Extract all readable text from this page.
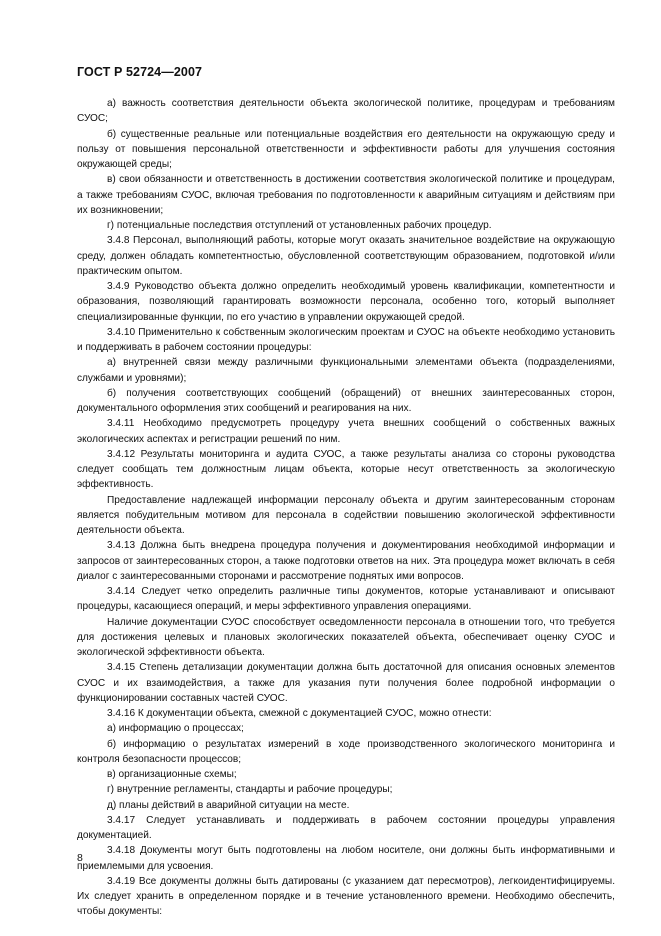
ГОСТ Р 52724—2007

а) важность соответствия деятельности объекта экологической политике, процедурам и требованиям СУОС;

б) существенные реальные или потенциальные воздействия его деятельности на окружающую среду и пользу от повышения персональной ответственности и эффективности работы для улучшения состояния окружающей среды;

в) свои обязанности и ответственность в достижении соответствия экологической политике и процедурам, а также требованиям СУОС, включая требования по подготовленности к аварийным ситуациям и действиям при их возникновении;

г) потенциальные последствия отступлений от установленных рабочих процедур.

3.4.8 Персонал, выполняющий работы, которые могут оказать значительное воздействие на окружающую среду, должен обладать компетентностью, обусловленной соответствующим образованием, подготовкой и/или практическим опытом.

3.4.9 Руководство объекта должно определить необходимый уровень квалификации, компетентности и образования, позволяющий гарантировать возможности персонала, особенно того, который выполняет специализированные функции, по его участию в управлении окружающей средой.

3.4.10 Применительно к собственным экологическим проектам и СУОС на объекте необходимо установить и поддерживать в рабочем состоянии процедуры:

а) внутренней связи между различными функциональными элементами объекта (подразделениями, службами и уровнями);

б) получения соответствующих сообщений (обращений) от внешних заинтересованных сторон, документального оформления этих сообщений и реагирования на них.

3.4.11 Необходимо предусмотреть процедуру учета внешних сообщений о собственных важных экологических аспектах и регистрации решений по ним.

3.4.12 Результаты мониторинга и аудита СУОС, а также результаты анализа со стороны руководства следует сообщать тем должностным лицам объекта, которые несут ответственность за экологическую эффективность.

Предоставление надлежащей информации персоналу объекта и другим заинтересованным сторонам является побудительным мотивом для персонала в содействии повышению экологической эффективности деятельности объекта.

3.4.13 Должна быть внедрена процедура получения и документирования необходимой информации и запросов от заинтересованных сторон, а также подготовки ответов на них. Эта процедура может включать в себя диалог с заинтересованными сторонами и рассмотрение поднятых ими вопросов.

3.4.14 Следует четко определить различные типы документов, которые устанавливают и описывают процедуры, касающиеся операций, и меры эффективного управления операциями.

Наличие документации СУОС способствует осведомленности персонала в отношении того, что требуется для достижения целевых и плановых экологических показателей объекта, обеспечивает оценку СУОС и экологической эффективности объекта.

3.4.15 Степень детализации документации должна быть достаточной для описания основных элементов СУОС и их взаимодействия, а также для указания пути получения более подробной информации о функционировании составных частей СУОС.

3.4.16 К документации объекта, смежной с документацией СУОС, можно отнести:

а) информацию о процессах;

б) информацию о результатах измерений в ходе производственного экологического мониторинга и контроля безопасности процессов;

в) организационные схемы;

г) внутренние регламенты, стандарты и рабочие процедуры;

д) планы действий в аварийной ситуации на месте.

3.4.17 Следует устанавливать и поддерживать в рабочем состоянии процедуры управления документацией.

3.4.18 Документы могут быть подготовлены на любом носителе, они должны быть информативными и приемлемыми для усвоения.

3.4.19 Все документы должны быть датированы (с указанием дат пересмотров), легкоидентифицируемы. Их следует хранить в определенном порядке и в течение установленного времени. Необходимо обеспечить, чтобы документы:

8
